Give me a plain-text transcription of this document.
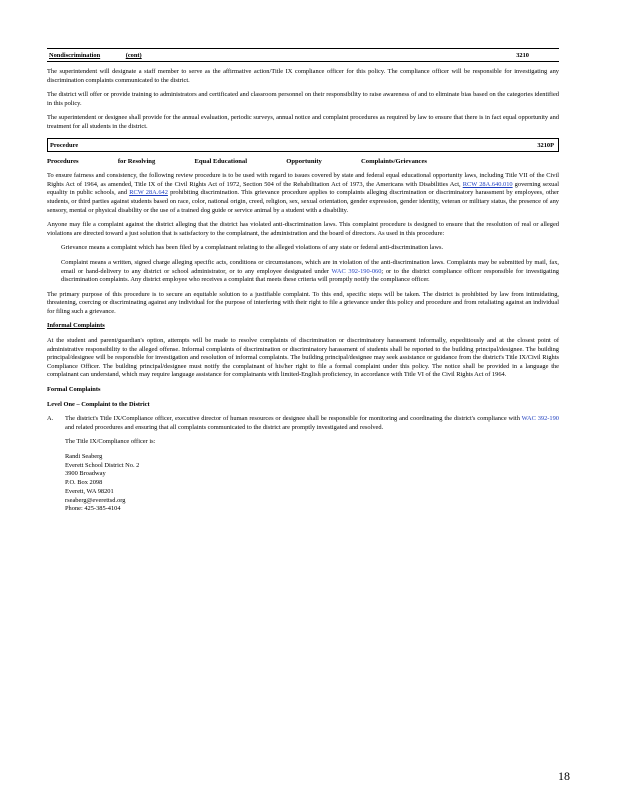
Nondiscrimination	(cont)	3210

The superintendent will designate a staff member to serve as the affirmative action/Title IX compliance officer for this policy. The compliance officer will be responsible for investigating any discrimination complaints communicated to the district.

The district will offer or provide training to administrators and certificated and classroom personnel on their responsibility to raise awareness of and to eliminate bias based on the categories identified in this policy.

The superintendent or designee shall provide for the annual evaluation, periodic surveys, annual notice and complaint procedures as required by law to ensure that there is in fact equal opportunity and treatment for all students in the district.

Procedure	3210P
Procedures	for Resolving	Equal Educational	Opportunity	Complaints/Grievances

To ensure fairness and consistency, the following review procedure is to be used with regard to issues covered by state and federal equal educational opportunity laws, including Title VII of the Civil Rights Act of 1964, as amended, Title IX of the Civil Rights Act of 1972, Section 504 of the Rehabilitation Act of 1973, the Americans with Disabilities Act, RCW 28A.640.010 governing sexual equality in public schools, and RCW 28A.642 prohibiting discrimination. This grievance procedure applies to complaints alleging discrimination or discriminatory harassment by employees, other students, or third parties against students based on race, color, national origin, creed, religion, sex, sexual orientation, gender expression, gender identity, veteran or military status, the presence of any sensory, mental or physical disability or the use of a trained dog guide or service animal by a student with a disability.

Anyone may file a complaint against the district alleging that the district has violated anti-discrimination laws. This complaint procedure is designed to ensure that the resolution of real or alleged violations are directed toward a just solution that is satisfactory to the complainant, the administration and the board of directors. As used in this procedure:

Grievance means a complaint which has been filed by a complainant relating to the alleged violations of any state or federal anti-discrimination laws.

Complaint means a written, signed charge alleging specific acts, conditions or circumstances, which are in violation of the anti-discrimination laws. Complaints may be submitted by mail, fax, email or hand-delivery to any district or school administrator, or to any employee designated under WAC 392-190-060; or to the district compliance officer responsible for investigating discrimination complaints. Any district employee who receives a complaint that meets these criteria will promptly notify the compliance officer.

The primary purpose of this procedure is to secure an equitable solution to a justifiable complaint. To this end, specific steps will be taken. The district is prohibited by law from intimidating, threatening, coercing or discriminating against any individual for the purpose of interfering with their right to file a grievance under this policy and procedure and from retaliating against an individual for filing such a grievance.

Informal Complaints

At the student and parent/guardian's option, attempts will be made to resolve complaints of discrimination or discriminatory harassment informally, expeditiously and at the closest point of administrative responsibility to the alleged offense. Informal complaints of discrimination or discriminatory harassment of students shall be reported to the building principal/designee. The building principal/designee will be responsible for investigation and resolution of informal complaints. The building principal/designee may seek assistance or guidance from the district's Title IX/Civil Rights Compliance Officer. The building principal/designee must notify the complainant of his/her right to file a formal complaint under this policy. The notice shall be provided in a language the complainant can understand, which may require language assistance for complainants with limited-English proficiency, in accordance with Title VI of the Civil Rights Act of 1964.

Formal Complaints
Level One – Complaint to the District
A.	The district's Title IX/Compliance officer, executive director of human resources or designee shall be responsible for monitoring and coordinating the district's compliance with WAC 392-190 and related procedures and ensuring that all complaints communicated to the district are promptly investigated and resolved.

The Title IX/Compliance officer is:

Randi Seaberg
Everett School District No. 2
3900 Broadway
P.O. Box 2098
Everett, WA 98201
rseaberg@everettsd.org
Phone: 425-385-4104
18
